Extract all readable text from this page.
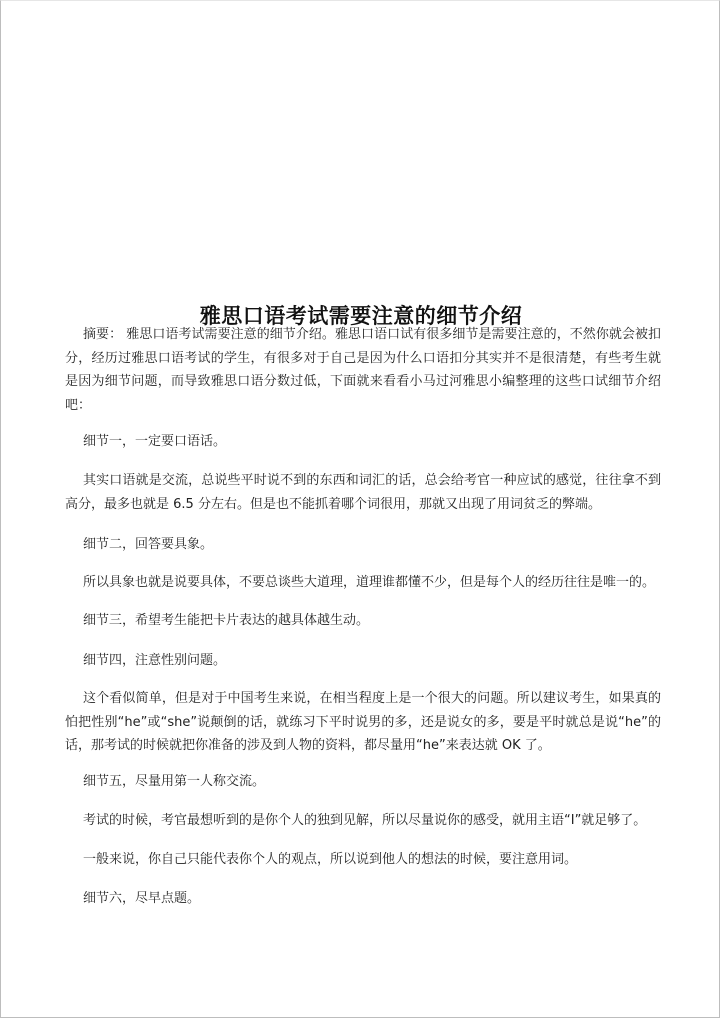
雅思口语考试需要注意的细节介绍

摘要： 雅思口语考试需要注意的细节介绍。雅思口语口试有很多细节是需要注意的，不然你就会被扣分，经历过雅思口语考试的学生，有很多对于自己是因为什么口语扣分其实并不是很清楚，有些考生就是因为细节问题，而导致雅思口语分数过低，下面就来看看小马过河雅思小编整理的这些口试细节介绍吧：

细节一，一定要口语话。

其实口语就是交流，总说些平时说不到的东西和词汇的话，总会给考官一种应试的感觉，往往拿不到高分，最多也就是 6.5 分左右。但是也不能抓着哪个词很用，那就又出现了用词贫乏的弊端。

细节二，回答要具象。

所以具象也就是说要具体，不要总谈些大道理，道理谁都懂不少，但是每个人的经历往往是唯一的。

细节三，希望考生能把卡片表达的越具体越生动。

细节四，注意性别问题。

这个看似简单，但是对于中国考生来说，在相当程度上是一个很大的问题。所以建议考生，如果真的怕把性别“he”或“she”说颠倒的话，就练习下平时说男的多，还是说女的多，要是平时就总是说“he”的话，那考试的时候就把你准备的涉及到人物的资料，都尽量用“he”来表达就 OK 了。

细节五，尽量用第一人称交流。

考试的时候，考官最想听到的是你个人的独到见解，所以尽量说你的感受，就用主语“I”就足够了。

一般来说，你自己只能代表你个人的观点，所以说到他人的想法的时候，要注意用词。

细节六，尽早点题。
